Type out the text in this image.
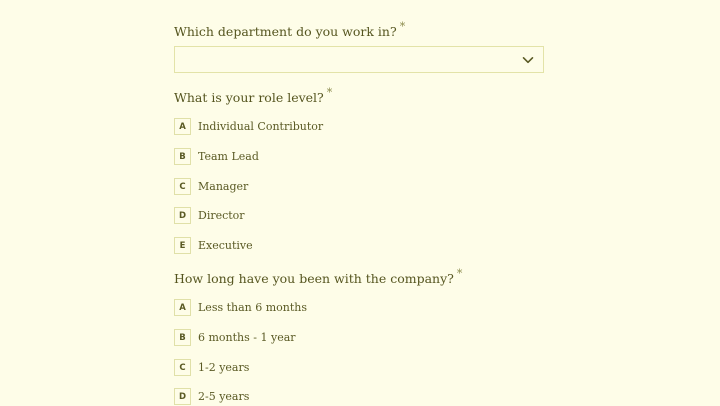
Which department do you work in? *
What is your role level? *
A	Individual Contributor
B	Team Lead
C	Manager
D	Director
E	Executive
How long have you been with the company? *
A	Less than 6 months
B	6 months - 1 year
C	1-2 years
D	2-5 years
